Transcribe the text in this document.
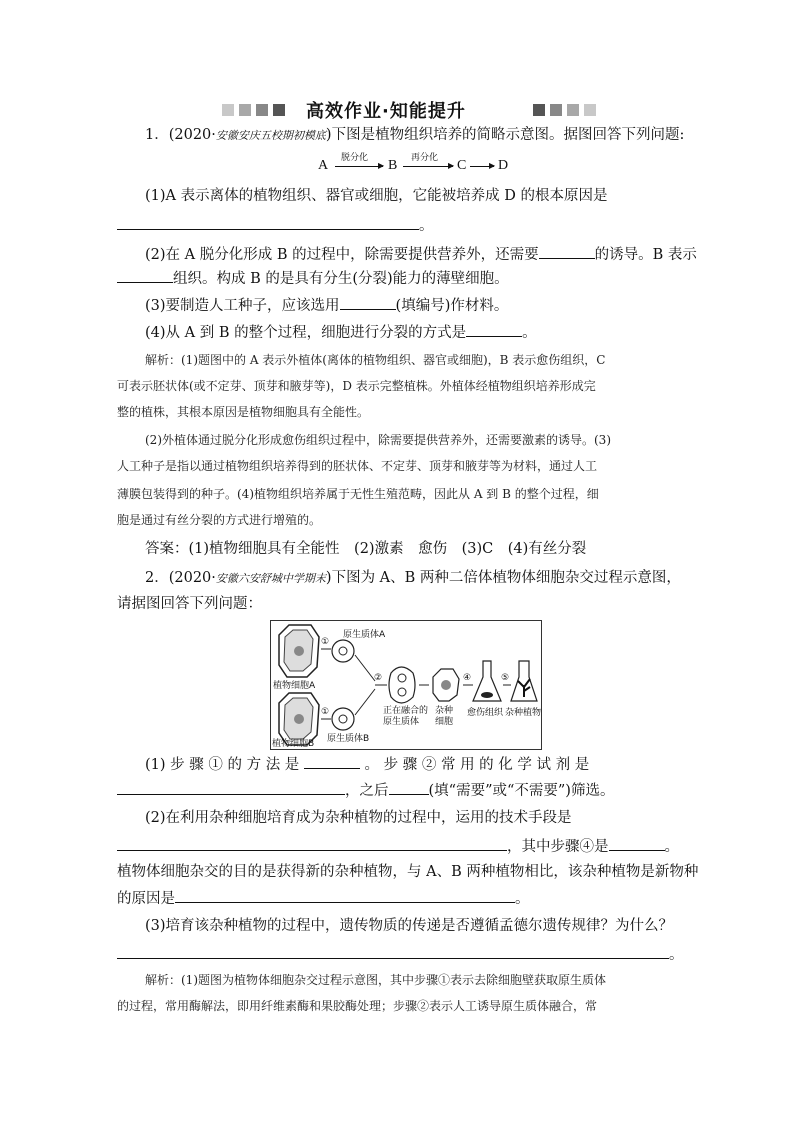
高效作业·知能提升
1．(2020·安徽安庆五校期初模底)下图是植物组织培养的简略示意图。据图回答下列问题:
A 脱分化
▶ B 再分化
▶ C	▶ D
(1)A 表示离体的植物组织、器官或细胞，它能被培养成 D 的根本原因是
。
(2)在 A 脱分化形成 B 的过程中，除需要提供营养外，还需要	的诱导。B 表示
组织。构成 B 的是具有分生(分裂)能力的薄壁细胞。
(3)要制造人工种子，应该选用	(填编号)作材料。
(4)从 A 到 B 的整个过程，细胞进行分裂的方式是	。
解析：(1)题图中的 A 表示外植体(离体的植物组织、器官或细胞)，B 表示愈伤组织，C
可表示胚状体(或不定芽、顶芽和腋芽等)，D 表示完整植株。外植体经植物组织培养形成完
整的植株，其根本原因是植物细胞具有全能性。
(2)外植体通过脱分化形成愈伤组织过程中，除需要提供营养外，还需要激素的诱导。(3)
人工种子是指以通过植物组织培养得到的胚状体、不定芽、顶芽和腋芽等为材料，通过人工
薄膜包装得到的种子。(4)植物组织培养属于无性生殖范畴，因此从 A 到 B 的整个过程，细
胞是通过有丝分裂的方式进行增殖的。
答案：(1)植物细胞具有全能性　(2)激素　愈伤　(3)C　(4)有丝分裂
2．(2020·安徽六安舒城中学期末)下图为 A、B 两种二倍体植物体细胞杂交过程示意图，
请据图回答下列问题：
原生质体A
植物细胞A
原生质体B
正在融合的
原生质体
杂种
细胞
愈伤组织 杂种植物
①
①
②	④	⑤
植物细胞B
(1) 步 骤 ① 的 方 法 是	。 步 骤 ② 常 用 的 化 学 试 剂 是
，之后	(填“需要”或“不需要”)筛选。
(2)在利用杂种细胞培育成为杂种植物的过程中，运用的技术手段是
，其中步骤④是	。
植物体细胞杂交的目的是获得新的杂种植物，与 A、B 两种植物相比，该杂种植物是新物种
的原因是	。
(3)培育该杂种植物的过程中，遗传物质的传递是否遵循孟德尔遗传规律？为什么？
。
解析：(1)题图为植物体细胞杂交过程示意图，其中步骤①表示去除细胞壁获取原生质体
的过程，常用酶解法，即用纤维素酶和果胶酶处理；步骤②表示人工诱导原生质体融合，常
